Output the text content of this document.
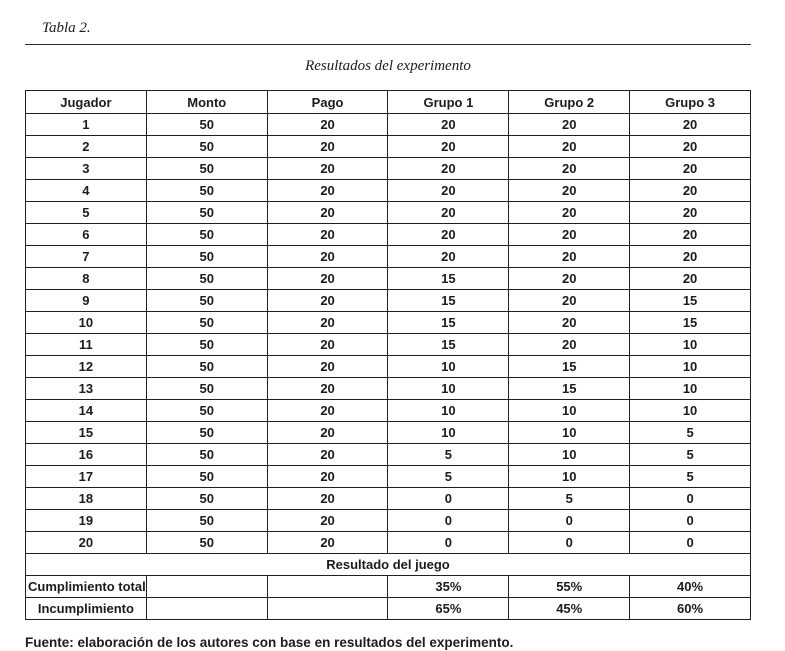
Tabla 2.
Resultados del experimento
Jugador	Monto	Pago	Grupo 1	Grupo 2	Grupo 3
1	50	20	20	20	20
2	50	20	20	20	20
3	50	20	20	20	20
4	50	20	20	20	20
5	50	20	20	20	20
6	50	20	20	20	20
7	50	20	20	20	20
8	50	20	15	20	20
9	50	20	15	20	15
10	50	20	15	20	15
11	50	20	15	20	10
12	50	20	10	15	10
13	50	20	10	15	10
14	50	20	10	10	10
15	50	20	10	10	5
16	50	20	5	10	5
17	50	20	5	10	5
18	50	20	0	5	0
19	50	20	0	0	0
20	50	20	0	0	0
Resultado del juego					
Cumplimiento total			35%	55%	40%
Incumplimiento			65%	45%	60%
Fuente: elaboración de los autores con base en resultados del experimento.
